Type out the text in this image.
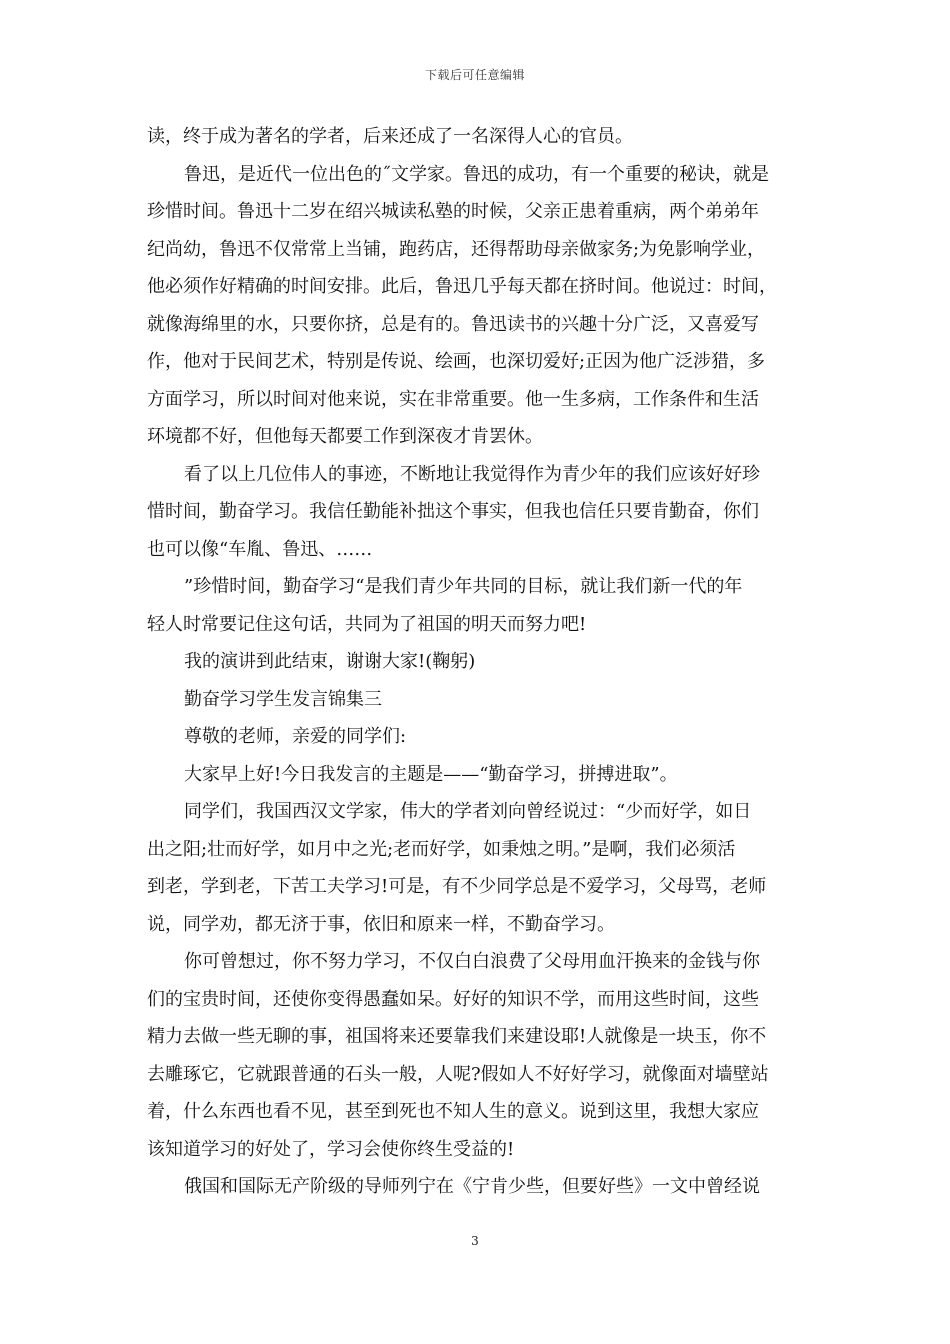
下载后可任意编辑
读，终于成为著名的学者，后来还成了一名深得人心的官员。
鲁迅，是近代一位出色的˝文学家。鲁迅的成功，有一个重要的秘诀，就是
珍惜时间。鲁迅十二岁在绍兴城读私塾的时候，父亲正患着重病，两个弟弟年
纪尚幼，鲁迅不仅常常上当铺，跑药店，还得帮助母亲做家务;为免影响学业，
他必须作好精确的时间安排。此后，鲁迅几乎每天都在挤时间。他说过：时间，
就像海绵里的水，只要你挤，总是有的。鲁迅读书的兴趣十分广泛，又喜爱写
作，他对于民间艺术，特别是传说、绘画，也深切爱好;正因为他广泛涉猎，多
方面学习，所以时间对他来说，实在非常重要。他一生多病，工作条件和生活
环境都不好，但他每天都要工作到深夜才肯罢休。
看了以上几位伟人的事迹，不断地让我觉得作为青少年的我们应该好好珍
惜时间，勤奋学习。我信任勤能补拙这个事实，但我也信任只要肯勤奋，你们
也可以像“车胤、鲁迅、……
”珍惜时间，勤奋学习“是我们青少年共同的目标，就让我们新一代的年
轻人时常要记住这句话，共同为了祖国的明天而努力吧!
我的演讲到此结束，谢谢大家!(鞠躬)
勤奋学习学生发言锦集三
尊敬的老师，亲爱的同学们:
大家早上好!今日我发言的主题是——“勤奋学习，拼搏进取”。
同学们，我国西汉文学家，伟大的学者刘向曾经说过：“少而好学，如日
出之阳;壮而好学，如月中之光;老而好学，如秉烛之明。”是啊，我们必须活
到老，学到老，下苦工夫学习!可是，有不少同学总是不爱学习，父母骂，老师
说，同学劝，都无济于事，依旧和原来一样，不勤奋学习。
你可曾想过，你不努力学习，不仅白白浪费了父母用血汗换来的金钱与你
们的宝贵时间，还使你变得愚蠢如呆。好好的知识不学，而用这些时间，这些
精力去做一些无聊的事，祖国将来还要靠我们来建设耶!人就像是一块玉，你不
去雕琢它，它就跟普通的石头一般，人呢?假如人不好好学习，就像面对墙壁站
着，什么东西也看不见，甚至到死也不知人生的意义。说到这里，我想大家应
该知道学习的好处了，学习会使你终生受益的!
俄国和国际无产阶级的导师列宁在《宁肯少些，但要好些》一文中曾经说
3
